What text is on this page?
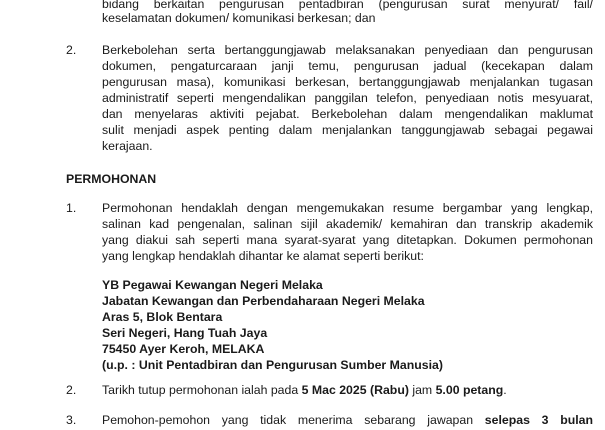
bidang berkaitan pengurusan pentadbiran (pengurusan surat menyurat/ fail/
keselamatan dokumen/ komunikasi berkesan; dan
2. Berkebolehan serta bertanggungjawab melaksanakan penyediaan dan pengurusan
dokumen, pengaturcaraan janji temu, pengurusan jadual (kecekapan dalam
pengurusan masa), komunikasi berkesan, bertanggungjawab menjalankan tugasan
administratif seperti mengendalikan panggilan telefon, penyediaan notis mesyuarat,
dan menyelaras aktiviti pejabat. Berkebolehan dalam mengendalikan maklumat
sulit menjadi aspek penting dalam menjalankan tanggungjawab sebagai pegawai
kerajaan.
PERMOHONAN
1. Permohonan hendaklah dengan mengemukakan resume bergambar yang lengkap,
salinan kad pengenalan, salinan sijil akademik/ kemahiran dan transkrip akademik
yang diakui sah seperti mana syarat-syarat yang ditetapkan. Dokumen permohonan
yang lengkap hendaklah dihantar ke alamat seperti berikut:
YB Pegawai Kewangan Negeri Melaka
Jabatan Kewangan dan Perbendaharaan Negeri Melaka
Aras 5, Blok Bentara
Seri Negeri, Hang Tuah Jaya
75450 Ayer Keroh, MELAKA
(u.p. : Unit Pentadbiran dan Pengurusan Sumber Manusia)
2. Tarikh tutup permohonan ialah pada 5 Mac 2025 (Rabu) jam 5.00 petang.
3. Pemohon-pemohon yang tidak menerima sebarang jawapan selepas 3 bulan
